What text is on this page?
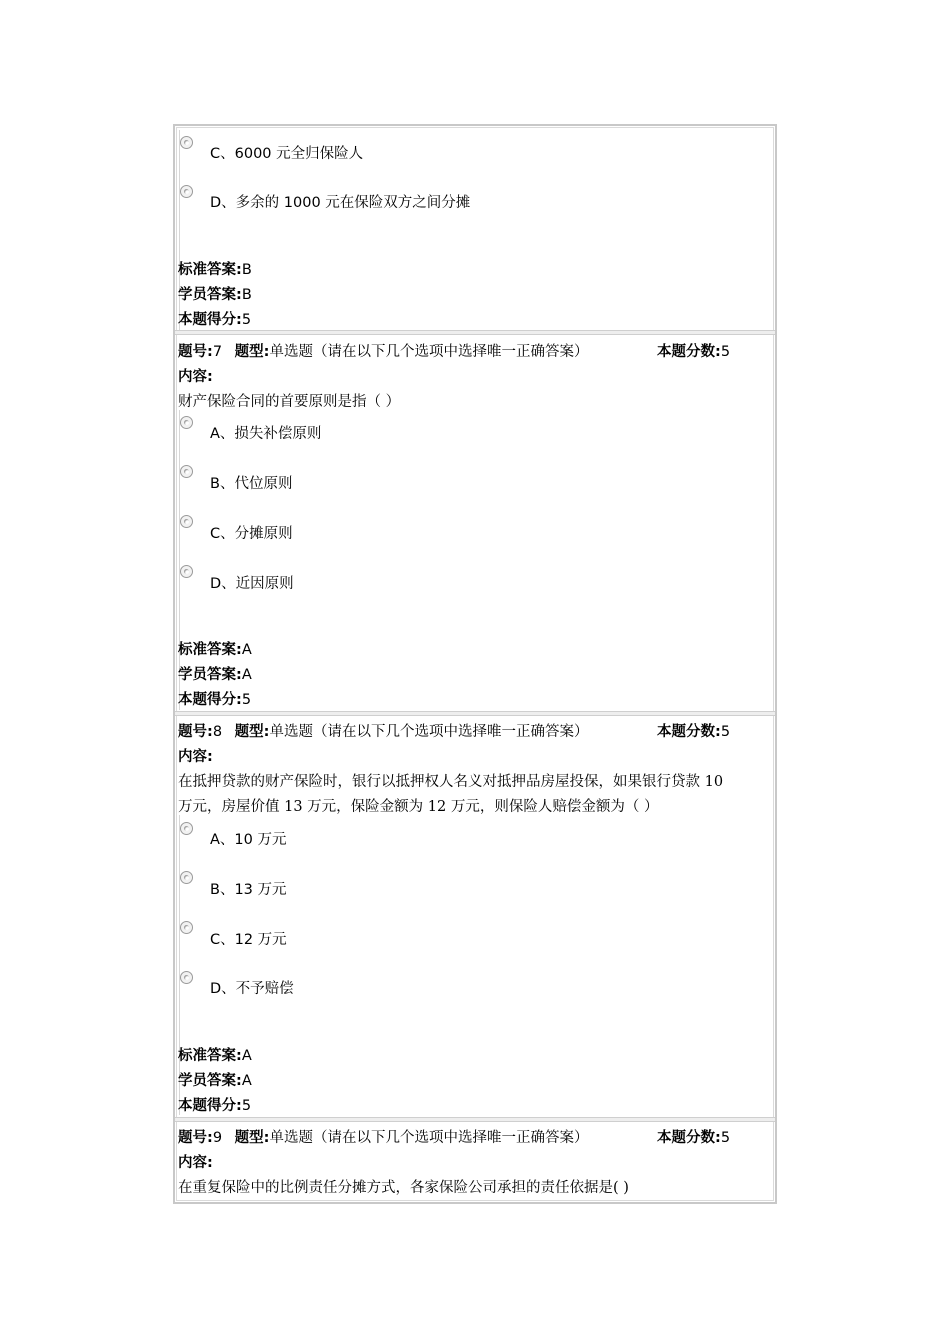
C、6000 元全归保险人
D、多余的 1000 元在保险双方之间分摊
标准答案:B
学员答案:B
本题得分:5
题号:7 题型:单选题（请在以下几个选项中选择唯一正确答案）	本题分数:5
内容:
财产保险合同的首要原则是指（ ）
A、损失补偿原则
B、代位原则
C、分摊原则
D、近因原则
标准答案:A
学员答案:A
本题得分:5
题号:8 题型:单选题（请在以下几个选项中选择唯一正确答案）	本题分数:5
内容:
在抵押贷款的财产保险时，银行以抵押权人名义对抵押品房屋投保，如果银行贷款 10
万元，房屋价值 13 万元，保险金额为 12 万元，则保险人赔偿金额为（ ）
A、10 万元
B、13 万元
C、12 万元
D、不予赔偿
标准答案:A
学员答案:A
本题得分:5
题号:9 题型:单选题（请在以下几个选项中选择唯一正确答案）	本题分数:5
内容:
在重复保险中的比例责任分摊方式，各家保险公司承担的责任依据是( )
